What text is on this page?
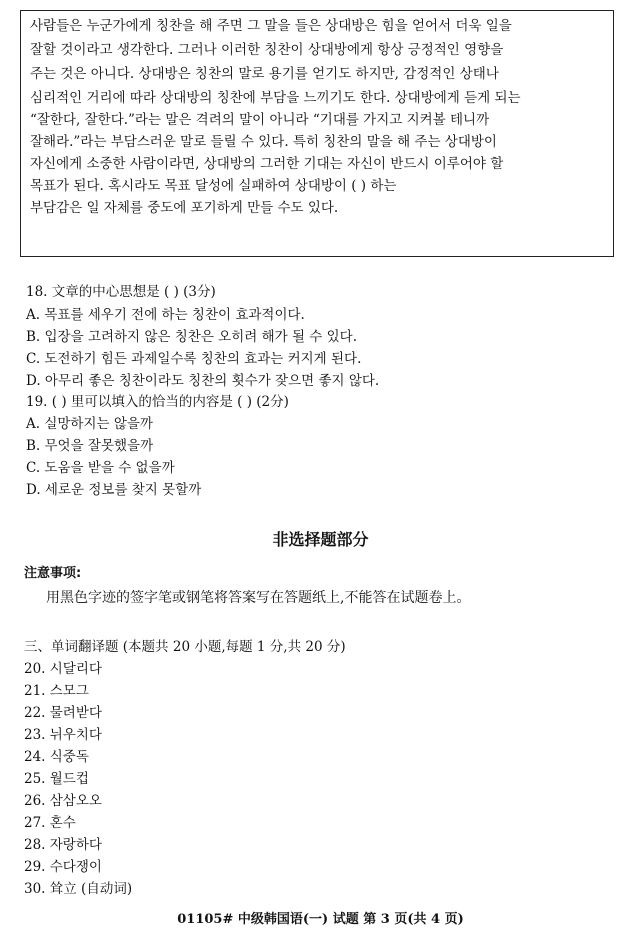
사람들은 누군가에게 칭찬을 해 주면 그 말을 들은 상대방은 힘을 얻어서 더욱 일을
잘할 것이라고 생각한다. 그러나 이러한 칭찬이 상대방에게 항상 긍정적인 영향을
주는 것은 아니다. 상대방은 칭찬의 말로 용기를 얻기도 하지만, 감정적인 상태나
심리적인 거리에 따라 상대방의 칭찬에 부담을 느끼기도 한다. 상대방에게 듣게 되는
“잘한다, 잘한다.”라는 말은 격려의 말이 아니라 “기대를 가지고 지켜볼 테니까
잘해라.”라는 부담스러운 말로 들릴 수 있다. 특히 칭찬의 말을 해 주는 상대방이
자신에게 소중한 사람이라면, 상대방의 그러한 기대는 자신이 반드시 이루어야 할
목표가 된다. 혹시라도 목표 달성에 실패하여 상대방이 ( ) 하는
부담감은 일 자체를 중도에 포기하게 만들 수도 있다.
18. 文章的中心思想是 ( ) (3分)
A. 목표를 세우기 전에 하는 칭찬이 효과적이다.
B. 입장을 고려하지 않은 칭찬은 오히려 해가 될 수 있다.
C. 도전하기 힘든 과제일수록 칭찬의 효과는 커지게 된다.
D. 아무리 좋은 칭찬이라도 칭찬의 횟수가 잦으면 좋지 않다.
19. ( ) 里可以填入的恰当的内容是 ( ) (2分)
A. 실망하지는 않을까
B. 무엇을 잘못했을까
C. 도움을 받을 수 없을까
D. 세로운 정보를 찾지 못할까
非选择题部分
注意事项:
用黑色字迹的签字笔或钢笔将答案写在答题纸上,不能答在试题卷上。
三、单词翻译题 (本题共 20 小题,每题 1 分,共 20 分)
20. 시달리다
21. 스모그
22. 물려받다
23. 뉘우치다
24. 식중독
25. 월드컵
26. 삼삼오오
27. 혼수
28. 자랑하다
29. 수다쟁이
30. 耸立 (自动词)
01105# 中级韩国语(一) 试题 第 3 页(共 4 页)
